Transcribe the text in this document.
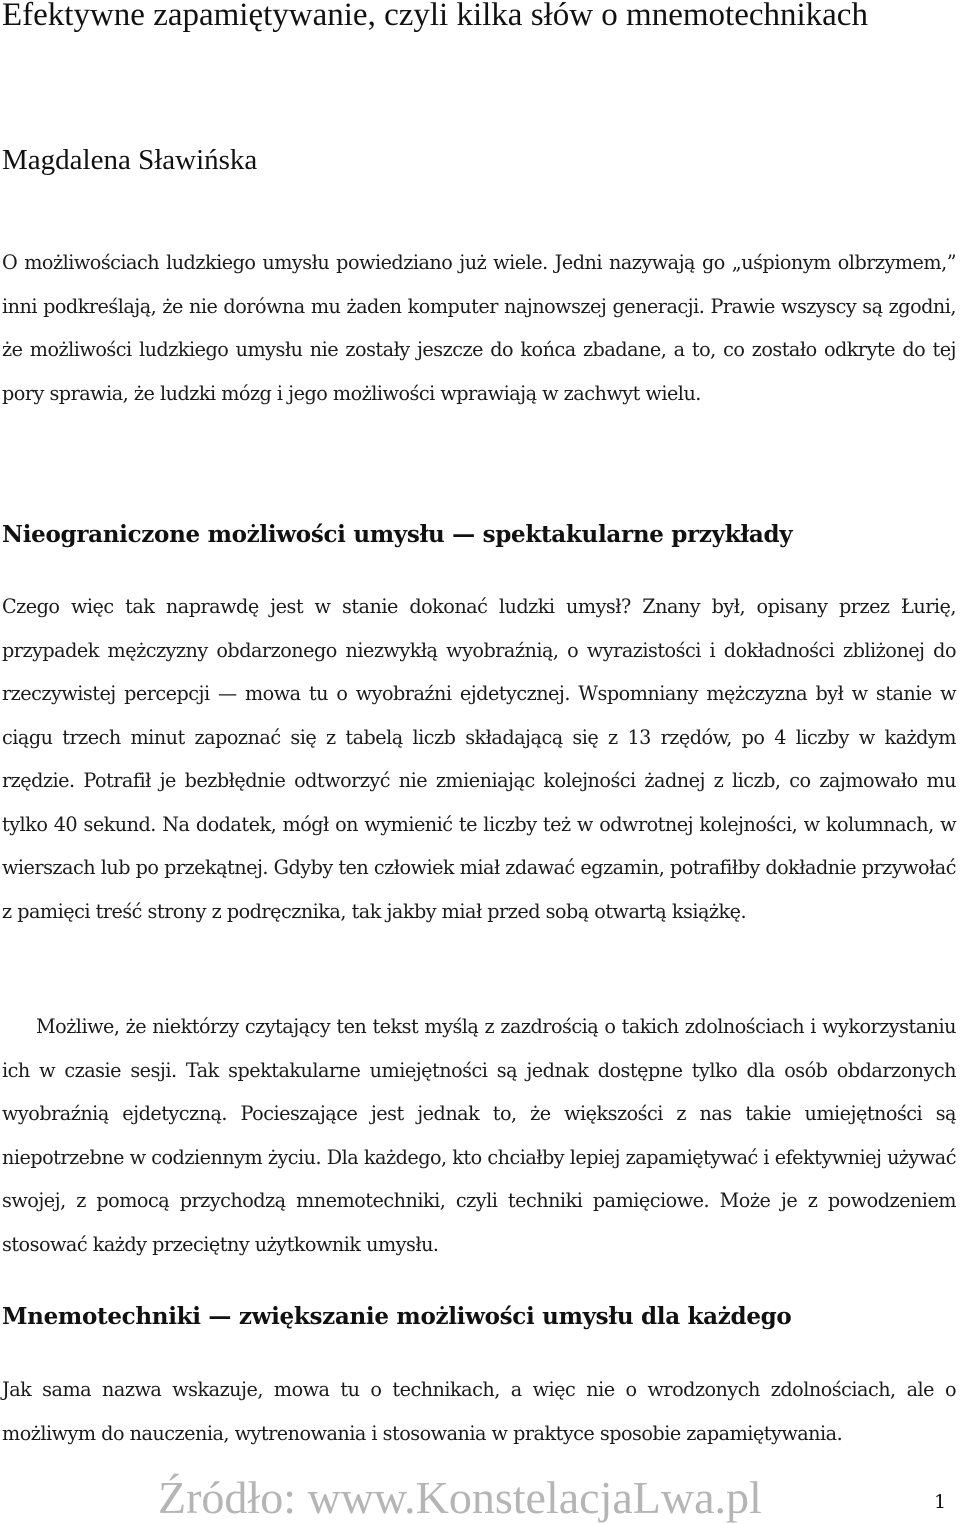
Efektywne zapamiętywanie, czyli kilka słów o mnemotechnikach

Magdalena Sławińska

O możliwościach ludzkiego umysłu powiedziano już wiele. Jedni nazywają go „uśpionym olbrzymem,” inni podkreślają, że nie dorówna mu żaden komputer najnowszej generacji. Prawie wszyscy są zgodni, że możliwości ludzkiego umysłu nie zostały jeszcze do końca zbadane, a to, co zostało odkryte do tej pory sprawia, że ludzki mózg i jego możliwości wprawiają w zachwyt wielu.

Nieograniczone możliwości umysłu — spektakularne przykłady

Czego więc tak naprawdę jest w stanie dokonać ludzki umysł? Znany był, opisany przez Łurię, przypadek mężczyzny obdarzonego niezwykłą wyobraźnią, o wyrazistości i dokładności zbliżonej do rzeczywistej percepcji — mowa tu o wyobraźni ejdetycznej. Wspomniany mężczyzna był w stanie w ciągu trzech minut zapoznać się z tabelą liczb składającą się z 13 rzędów, po 4 liczby w każdym rzędzie. Potrafił je bezbłędnie odtworzyć nie zmieniając kolejności żadnej z liczb, co zajmowało mu tylko 40 sekund. Na dodatek, mógł on wymienić te liczby też w odwrotnej kolejności, w kolumnach, w wierszach lub po przekątnej. Gdyby ten człowiek miał zdawać egzamin, potrafiłby dokładnie przywołać z pamięci treść strony z podręcznika, tak jakby miał przed sobą otwartą książkę.

Możliwe, że niektórzy czytający ten tekst myślą z zazdrością o takich zdolnościach i wykorzystaniu ich w czasie sesji. Tak spektakularne umiejętności są jednak dostępne tylko dla osób obdarzonych wyobraźnią ejdetyczną. Pocieszające jest jednak to, że większości z nas takie umiejętności są niepotrzebne w codziennym życiu. Dla każdego, kto chciałby lepiej zapamiętywać i efektywniej używać swojej, z pomocą przychodzą mnemotechniki, czyli techniki pamięciowe. Może je z powodzeniem stosować każdy przeciętny użytkownik umysłu.

Mnemotechniki — zwiększanie możliwości umysłu dla każdego

Jak sama nazwa wskazuje, mowa tu o technikach, a więc nie o wrodzonych zdolnościach, ale o możliwym do nauczenia, wytrenowania i stosowania w praktyce sposobie zapamiętywania.

Źródło: www.KonstelacjaLwa.pl	1
